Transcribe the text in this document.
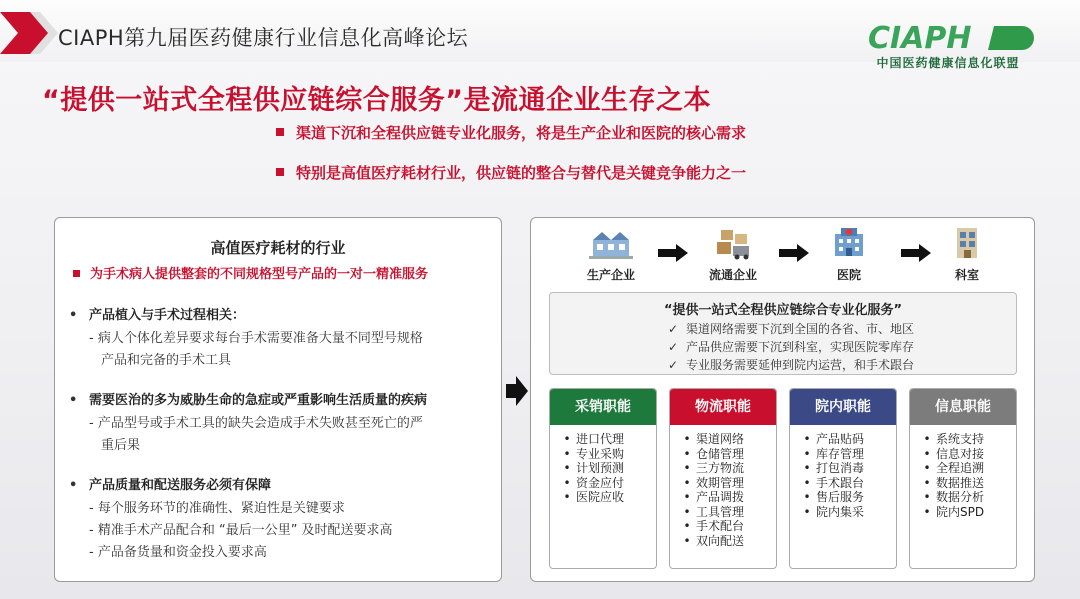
CIAPH第九届医药健康行业信息化高峰论坛	CIAPH
中国医药健康信息化联盟
“提供一站式全程供应链综合服务”是流通企业生存之本
渠道下沉和全程供应链专业化服务，将是生产企业和医院的核心需求
特别是高值医疗耗材行业，供应链的整合与替代是关键竞争能力之一
高值医疗耗材的行业
为手术病人提供整套的不同规格型号产品的一对一精准服务
• 产品植入与手术过程相关：
- 病人个体化差异要求每台手术需要准备大量不同型号规格
产品和完备的手术工具
• 需要医治的多为威胁生命的急症或严重影响生活质量的疾病
- 产品型号或手术工具的缺失会造成手术失败甚至死亡的严
重后果
• 产品质量和配送服务必须有保障
- 每个服务环节的准确性、紧迫性是关键要求
- 精准手术产品配合和 “最后一公里” 及时配送要求高
- 产品备货量和资金投入要求高
生产企业	流通企业	医院	科室
“提供一站式全程供应链综合专业化服务”
✓ 渠道网络需要下沉到全国的各省、市、地区
✓ 产品供应需要下沉到科室，实现医院零库存
✓ 专业服务需要延伸到院内运营，和手术跟台
采销职能
• 进口代理
• 专业采购
• 计划预测
• 资金应付
• 医院应收
物流职能
• 渠道网络
• 仓储管理
• 三方物流
• 效期管理
• 产品调拨
• 工具管理
• 手术配台
• 双向配送
院内职能
• 产品贴码
• 库存管理
• 打包消毒
• 手术跟台
• 售后服务
• 院内集采
信息职能
• 系统支持
• 信息对接
• 全程追溯
• 数据推送
• 数据分析
• 院内SPD
